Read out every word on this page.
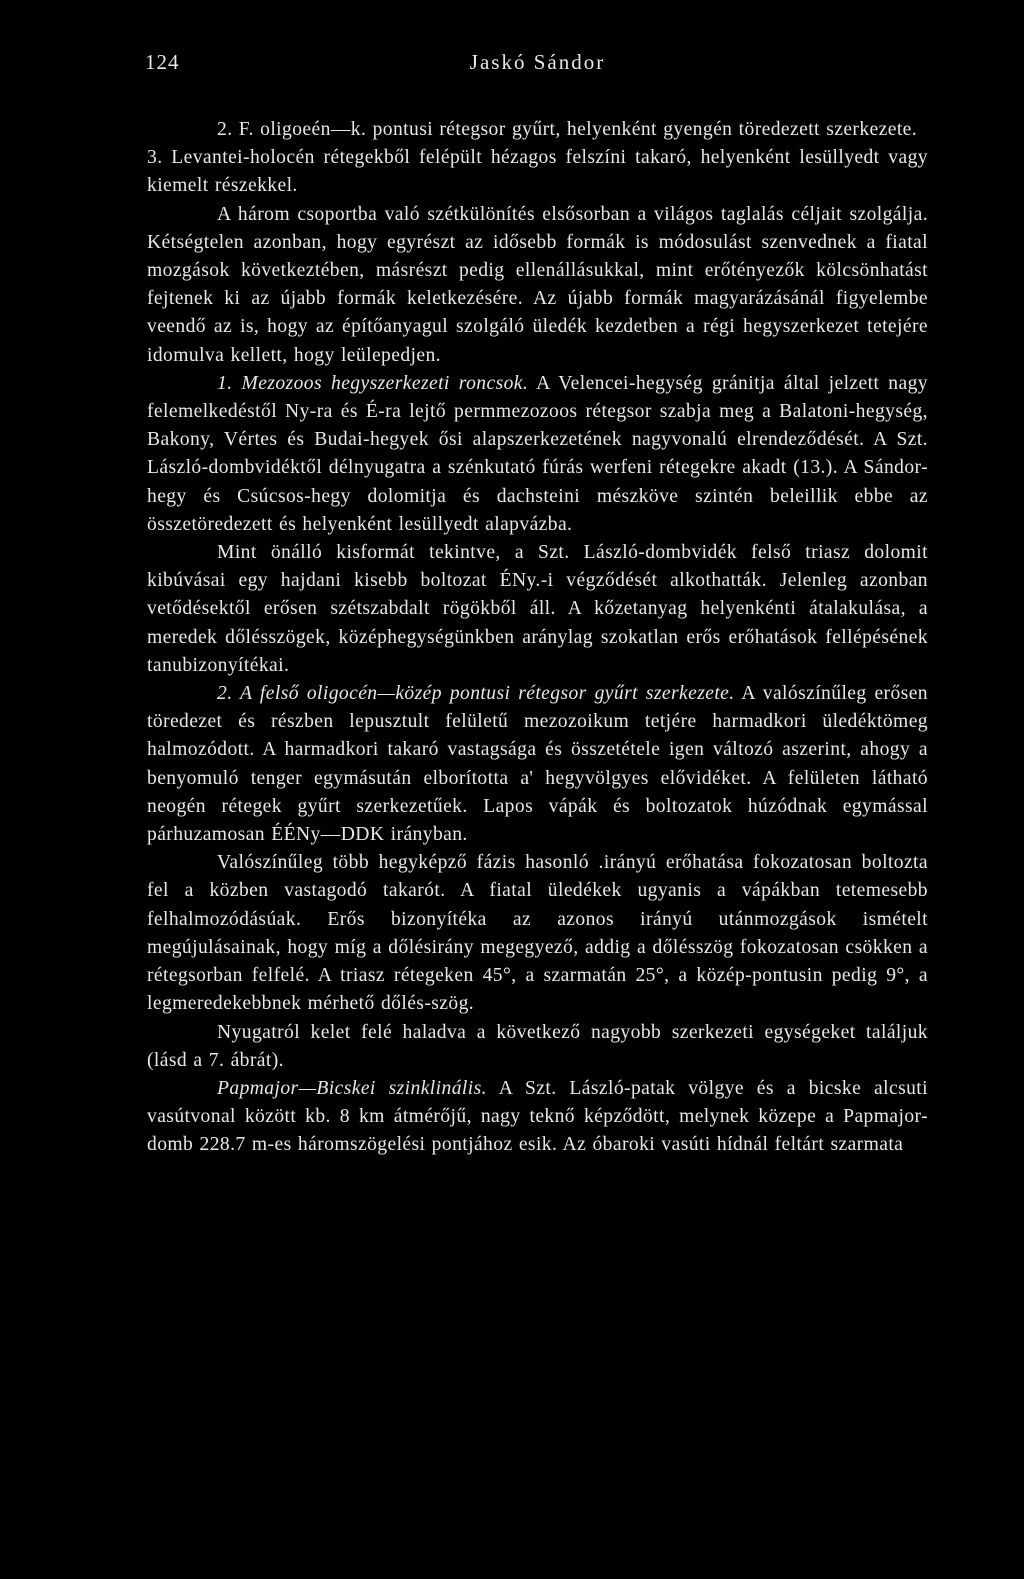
124	Jaskó Sándor

2. F. oligoeén—k. pontusi rétegsor gyűrt, helyenként gyengén töredezett szerkezete.

3. Levantei-holocén rétegekből felépült hézagos felszíni takaró, helyenként lesüllyedt vagy kiemelt részekkel.

A három csoportba való szétkülönítés elsősorban a világos taglalás céljait szolgálja. Kétségtelen azonban, hogy egyrészt az idősebb formák is módosulást szenvednek a fiatal mozgások következtében, másrészt pedig ellenállásukkal, mint erőtényezők kölcsönhatást fejtenek ki az újabb formák keletkezésére. Az újabb formák magyarázásánál figyelembe veendő az is, hogy az építőanyagul szolgáló üledék kezdetben a régi hegyszerkezet tetejére idomulva kellett, hogy leülepedjen.

1. Mezozoos hegyszerkezeti roncsok. A Velencei-hegység gránitja által jelzett nagy felemelkedéstől Ny-ra és É-ra lejtő permmezozoos rétegsor szabja meg a Balatoni-hegység, Bakony, Vértes és Budai-hegyek ősi alapszerkezetének nagyvonalú elrendeződését. A Szt. László-dombvidéktől délnyugatra a szénkutató fúrás werfeni rétegekre akadt (13.). A Sándor-hegy és Csúcsos-hegy dolomitja és dachsteini mészköve szintén beleillik ebbe az összetöredezett és helyenként lesüllyedt alapvázba.

Mint önálló kisformát tekintve, a Szt. László-dombvidék felső triasz dolomit kibúvásai egy hajdani kisebb boltozat ÉNy.-i végződését alkothatták. Jelenleg azonban vetődésektől erősen szétszabdalt rögökből áll. A kőzetanyag helyenkénti átalakulása, a meredek dőlésszögek, középhegységünkben aránylag szokatlan erős erőhatások fellépésének tanubizonyítékai.

2. A felső oligocén—közép pontusi rétegsor gyűrt szerkezete. A valószínűleg erősen töredezet és részben lepusztult felületű mezozoikum tetjére harmadkori üledéktömeg halmozódott. A harmadkori takaró vastagsága és összetétele igen változó aszerint, ahogy a benyomuló tenger egymásután elborította a' hegyvölgyes elővidéket. A felületen látható neogén rétegek gyűrt szerkezetűek. Lapos vápák és boltozatok húzódnak egymással párhuzamosan ÉÉNy—DDK irányban.

Valószínűleg több hegyképző fázis hasonló .irányú erőhatása fokozatosan boltozta fel a közben vastagodó takarót. A fiatal üledékek ugyanis a vápákban tetemesebb felhalmozódásúak. Erős bizonyítéka az azonos irányú utánmozgások ismételt megújulásainak, hogy míg a dőlésirány megegyező, addig a dőlésszög fokozatosan csökken a rétegsorban felfelé. A triasz rétegeken 45°, a szarmatán 25°, a közép-pontusin pedig 9°, a legmeredekebbnek mérhető dőlés-szög.

Nyugatról kelet felé haladva a következő nagyobb szerkezeti egységeket találjuk (lásd a 7. ábrát).

Papmajor—Bicskei szinklinális. A Szt. László-patak völgye és a bicske alcsuti vasútvonal között kb. 8 km átmérőjű, nagy teknő képződött, melynek közepe a Papmajor-domb 228.7 m-es háromszögelési pontjához esik. Az óbaroki vasúti hídnál feltárt szarmata
